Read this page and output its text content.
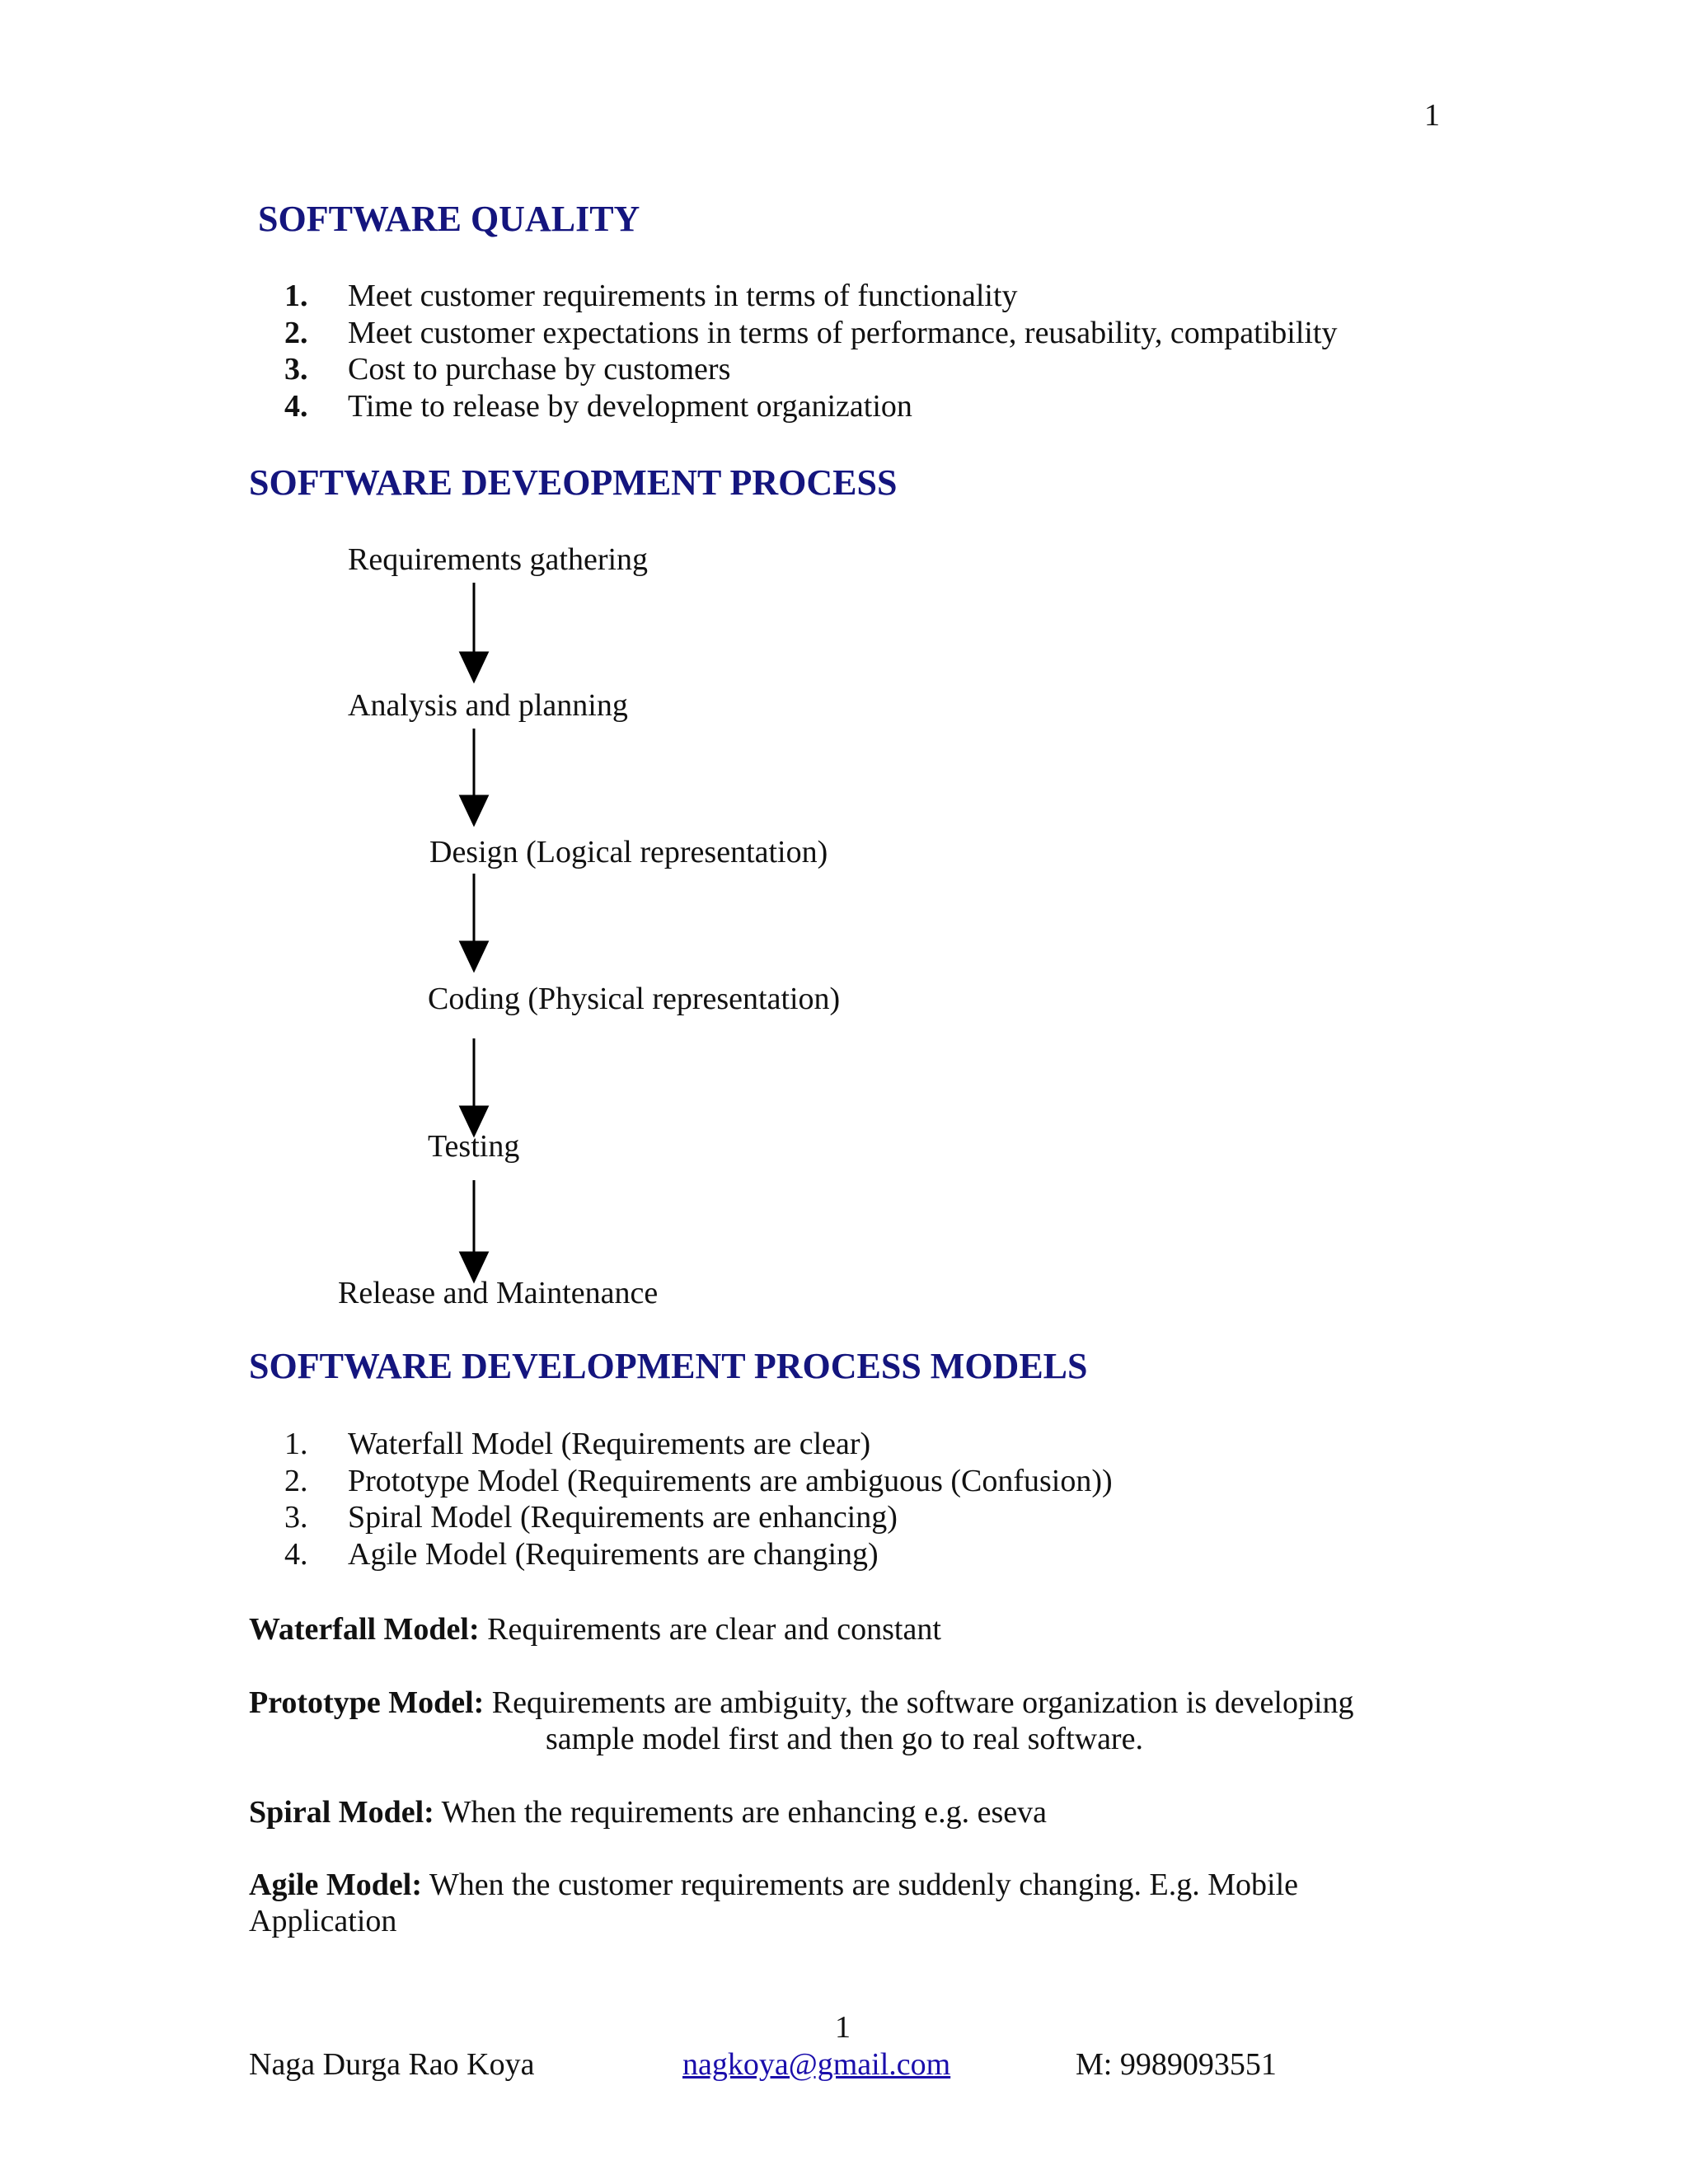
1
SOFTWARE QUALITY
1.	Meet customer requirements in terms of functionality
2.	Meet customer expectations in terms of performance, reusability, compatibility
3.	Cost to purchase by customers
4.	Time to release by development organization
SOFTWARE DEVEOPMENT PROCESS
Requirements gathering
Analysis and planning
Design (Logical representation)
Coding (Physical representation)
Testing
Release and Maintenance
SOFTWARE DEVELOPMENT PROCESS MODELS
1.	Waterfall Model (Requirements are clear)
2.	Prototype Model (Requirements are ambiguous (Confusion))
3.	Spiral Model (Requirements are enhancing)
4.	Agile Model (Requirements are changing)
Waterfall Model: Requirements are clear and constant
Prototype Model: Requirements are ambiguity, the software organization is developing
sample model first and then go to real software.
Spiral Model: When the requirements are enhancing e.g. eseva
Agile Model: When the customer requirements are suddenly changing. E.g. Mobile
Application
1
Naga Durga Rao Koya	nagkoya@gmail.com	M: 9989093551
